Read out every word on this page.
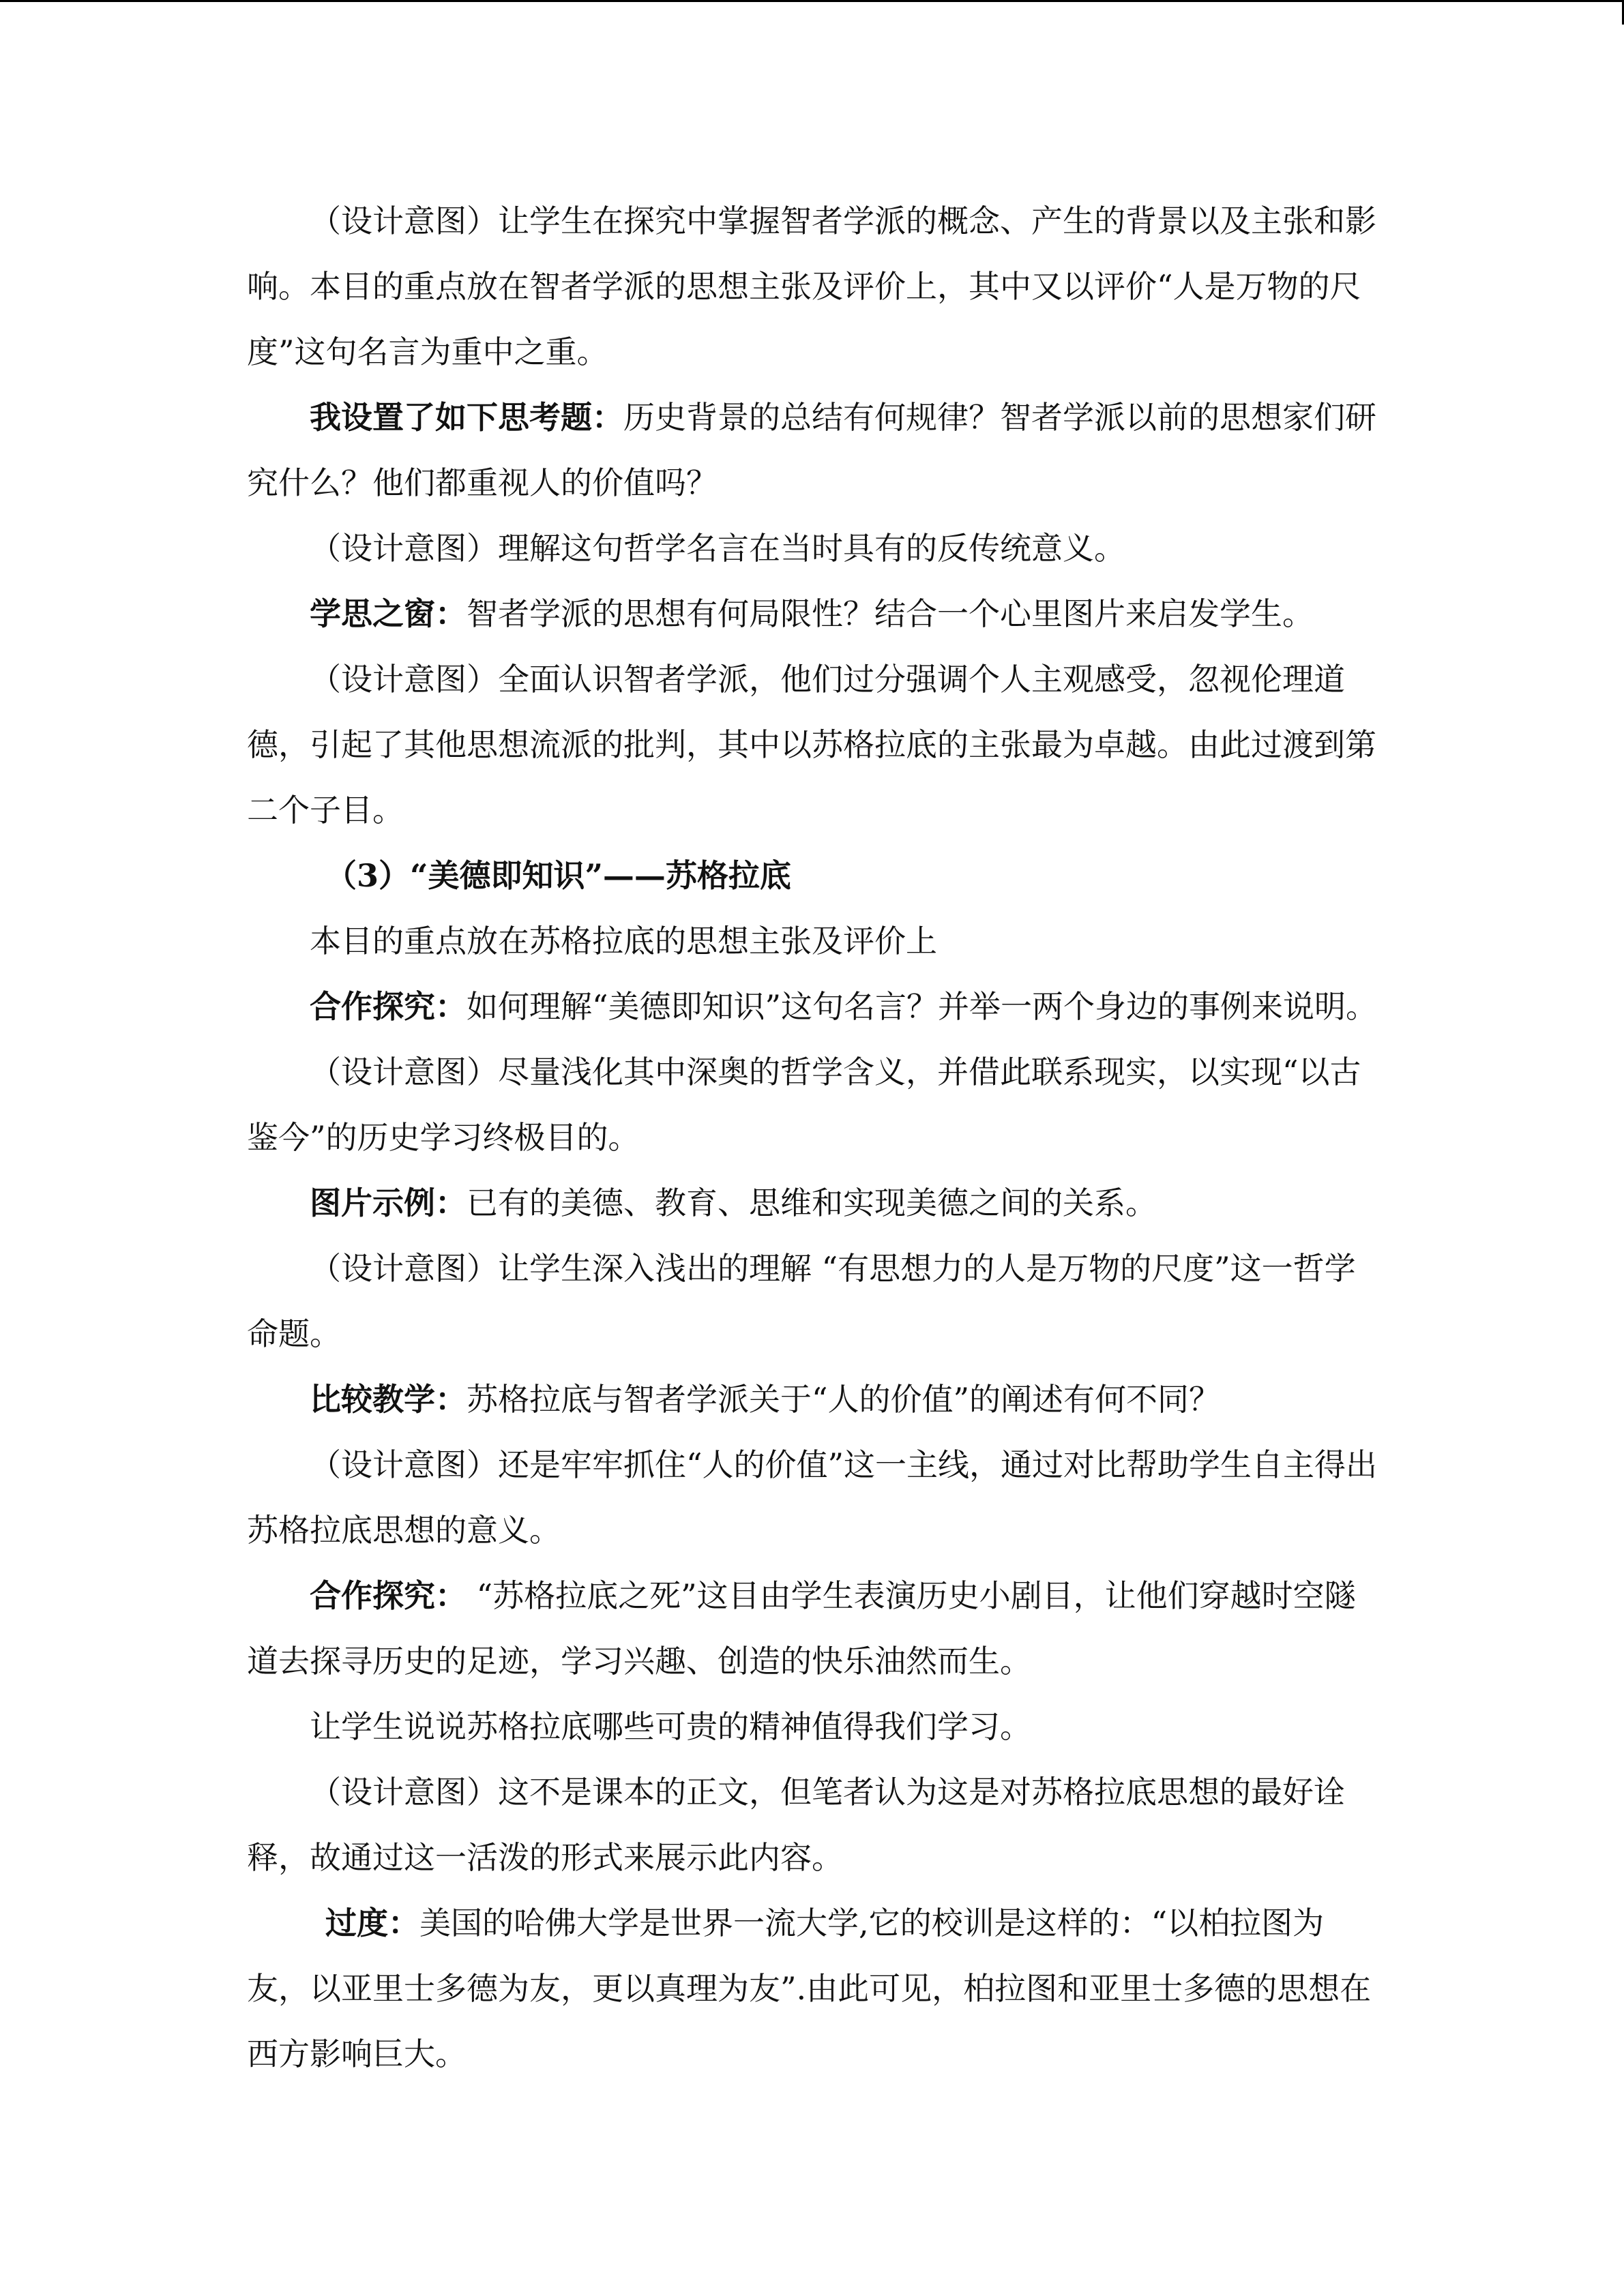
（设计意图）让学生在探究中掌握智者学派的概念、产生的背景以及主张和影响。本目的重点放在智者学派的思想主张及评价上，其中又以评价“人是万物的尺度”这句名言为重中之重。

我设置了如下思考题：历史背景的总结有何规律？智者学派以前的思想家们研究什么？他们都重视人的价值吗？

（设计意图）理解这句哲学名言在当时具有的反传统意义。

学思之窗：智者学派的思想有何局限性？结合一个心里图片来启发学生。

（设计意图）全面认识智者学派，他们过分强调个人主观感受，忽视伦理道德，引起了其他思想流派的批判，其中以苏格拉底的主张最为卓越。由此过渡到第二个子目。

（3）“美德即知识”——苏格拉底

本目的重点放在苏格拉底的思想主张及评价上

合作探究：如何理解“美德即知识”这句名言？并举一两个身边的事例来说明。

（设计意图）尽量浅化其中深奥的哲学含义，并借此联系现实，以实现“以古鉴今”的历史学习终极目的。

图片示例：已有的美德、教育、思维和实现美德之间的关系。

（设计意图）让学生深入浅出的理解 “有思想力的人是万物的尺度”这一哲学命题。

比较教学：苏格拉底与智者学派关于“人的价值”的阐述有何不同？

（设计意图）还是牢牢抓住“人的价值”这一主线，通过对比帮助学生自主得出苏格拉底思想的意义。

合作探究： “苏格拉底之死”这目由学生表演历史小剧目，让他们穿越时空隧道去探寻历史的足迹，学习兴趣、创造的快乐油然而生。

让学生说说苏格拉底哪些可贵的精神值得我们学习。

（设计意图）这不是课本的正文，但笔者认为这是对苏格拉底思想的最好诠释，故通过这一活泼的形式来展示此内容。

过度：美国的哈佛大学是世界一流大学,它的校训是这样的：“以柏拉图为友，以亚里士多德为友，更以真理为友”.由此可见，柏拉图和亚里士多德的思想在西方影响巨大。
